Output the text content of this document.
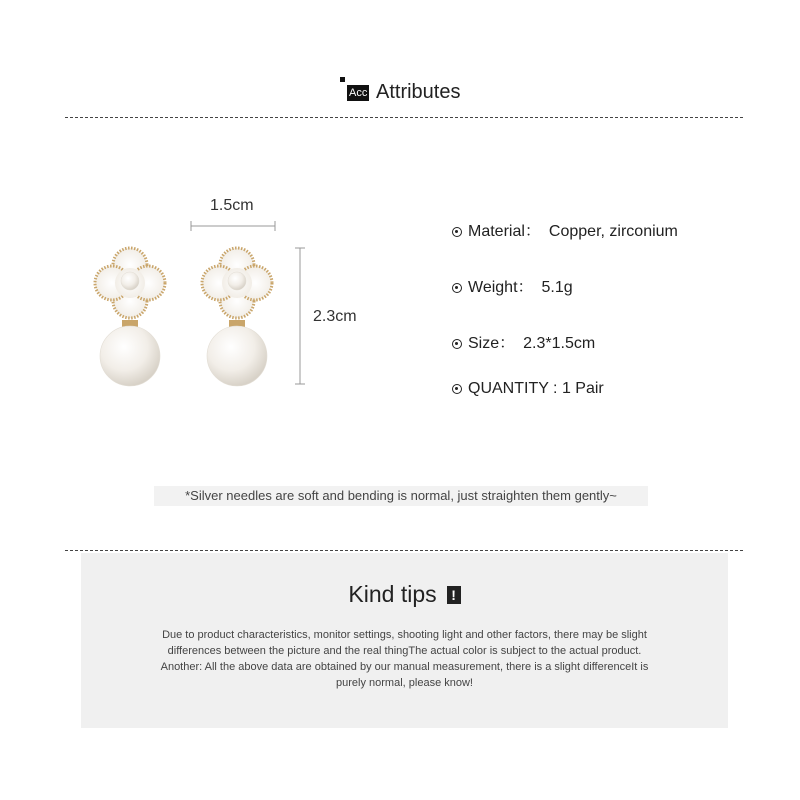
Acc Attributes
1.5cm
2.3cm
Material： Copper, zirconium
Weight： 5.1g
Size： 2.3*1.5cm
QUANTITY : 1 Pair
*Silver needles are soft and bending is normal, just straighten them gently~
Kind tips !
Due to product characteristics, monitor settings, shooting light and other factors, there may be slight
differences between the picture and the real thingThe actual color is subject to the actual product.
Another: All the above data are obtained by our manual measurement, there is a slight differenceIt is
purely normal, please know!
